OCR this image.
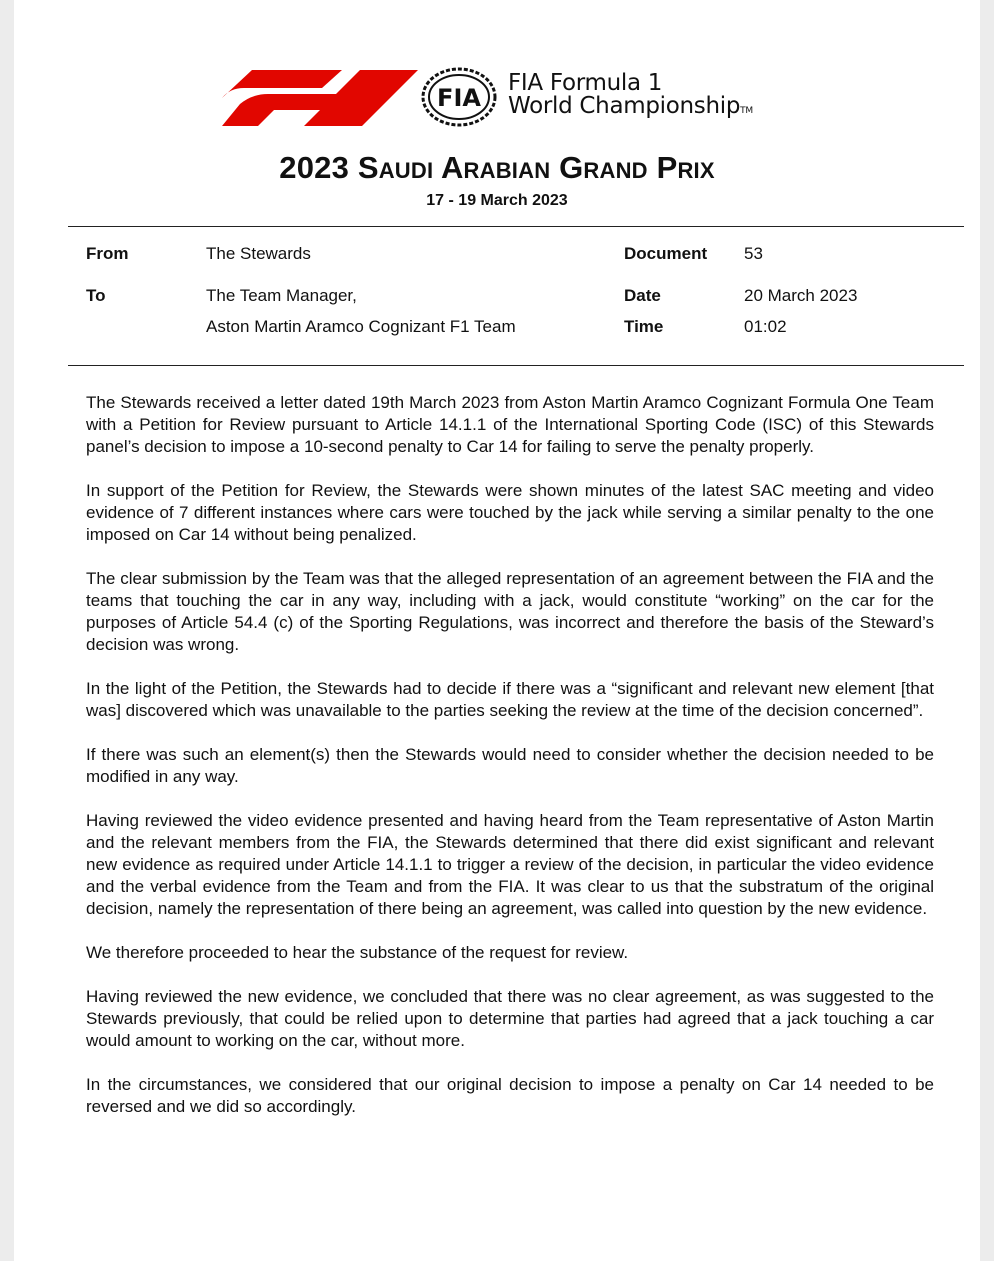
FIA
FIA Formula 1
World ChampionshipTM
2023 Saudi Arabian Grand Prix
17 - 19 March 2023
From	The Stewards	Document 53
To	The Team Manager,	Date	20 March 2023
Aston Martin Aramco Cognizant F1 Team	Time	01:02

The Stewards received a letter dated 19th March 2023 from Aston Martin Aramco Cognizant Formula One Team with a Petition for Review pursuant to Article 14.1.1 of the International Sporting Code (ISC) of this Stewards panel’s decision to impose a 10-second penalty to Car 14 for failing to serve the penalty properly.

In support of the Petition for Review, the Stewards were shown minutes of the latest SAC meeting and video evidence of 7 different instances where cars were touched by the jack while serving a similar penalty to the one imposed on Car 14 without being penalized.

The clear submission by the Team was that the alleged representation of an agreement between the FIA and the teams that touching the car in any way, including with a jack, would constitute “working” on the car for the purposes of Article 54.4 (c) of the Sporting Regulations, was incorrect and therefore the basis of the Steward’s decision was wrong.

In the light of the Petition, the Stewards had to decide if there was a “significant and relevant new element [that was] discovered which was unavailable to the parties seeking the review at the time of the decision concerned”.

If there was such an element(s) then the Stewards would need to consider whether the decision needed to be modified in any way.

Having reviewed the video evidence presented and having heard from the Team representative of Aston Martin and the relevant members from the FIA, the Stewards determined that there did exist significant and relevant new evidence as required under Article 14.1.1 to trigger a review of the decision, in particular the video evidence and the verbal evidence from the Team and from the FIA. It was clear to us that the substratum of the original decision, namely the representation of there being an agreement, was called into question by the new evidence.

We therefore proceeded to hear the substance of the request for review.

Having reviewed the new evidence, we concluded that there was no clear agreement, as was suggested to the Stewards previously, that could be relied upon to determine that parties had agreed that a jack touching a car would amount to working on the car, without more.

In the circumstances, we considered that our original decision to impose a penalty on Car 14 needed to be reversed and we did so accordingly.
